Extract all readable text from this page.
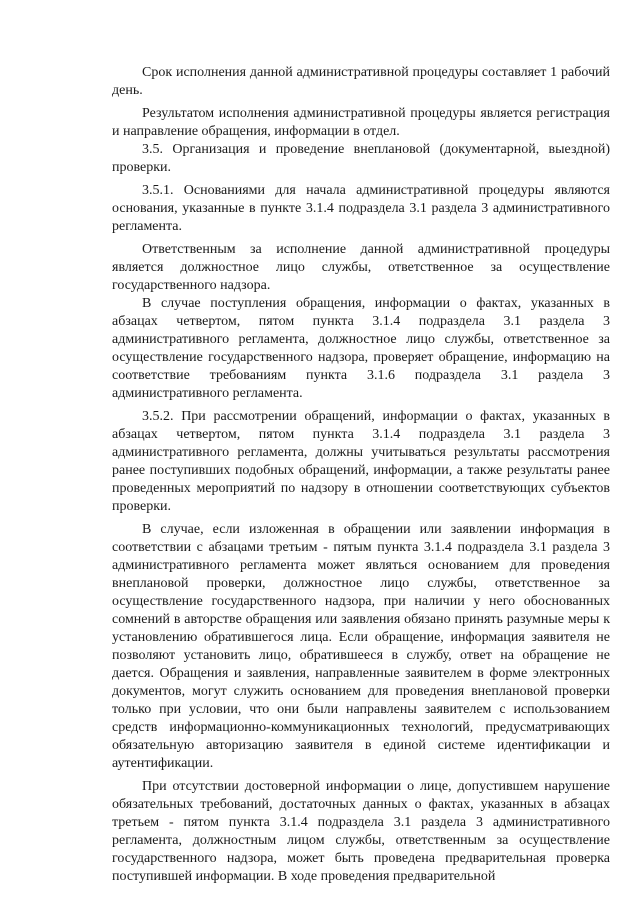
Срок исполнения данной административной процедуры составляет 1 рабочий день.

Результатом исполнения административной процедуры является регистрация и направление обращения, информации в отдел.

3.5. Организация и проведение внеплановой (документарной, выездной) проверки.

3.5.1. Основаниями для начала административной процедуры являются основания, указанные в пункте 3.1.4 подраздела 3.1 раздела 3 административного регламента.

Ответственным за исполнение данной административной процедуры является должностное лицо службы, ответственное за осуществление государственного надзора.

В случае поступления обращения, информации о фактах, указанных в абзацах четвертом, пятом пункта 3.1.4 подраздела 3.1 раздела 3 административного регламента, должностное лицо службы, ответственное за осуществление государственного надзора, проверяет обращение, информацию на соответствие требованиям пункта 3.1.6 подраздела 3.1 раздела 3 административного регламента.

3.5.2. При рассмотрении обращений, информации о фактах, указанных в абзацах четвертом, пятом пункта 3.1.4 подраздела 3.1 раздела 3 административного регламента, должны учитываться результаты рассмотрения ранее поступивших подобных обращений, информации, а также результаты ранее проведенных мероприятий по надзору в отношении соответствующих субъектов проверки.

В случае, если изложенная в обращении или заявлении информация в соответствии с абзацами третьим - пятым пункта 3.1.4 подраздела 3.1 раздела 3 административного регламента может являться основанием для проведения внеплановой проверки, должностное лицо службы, ответственное за осуществление государственного надзора, при наличии у него обоснованных сомнений в авторстве обращения или заявления обязано принять разумные меры к установлению обратившегося лица. Если обращение, информация заявителя не позволяют установить лицо, обратившееся в службу, ответ на обращение не дается. Обращения и заявления, направленные заявителем в форме электронных документов, могут служить основанием для проведения внеплановой проверки только при условии, что они были направлены заявителем с использованием средств информационно-коммуникационных технологий, предусматривающих обязательную авторизацию заявителя в единой системе идентификации и аутентификации.

При отсутствии достоверной информации о лице, допустившем нарушение обязательных требований, достаточных данных о фактах, указанных в абзацах третьем - пятом пункта 3.1.4 подраздела 3.1 раздела 3 административного регламента, должностным лицом службы, ответственным за осуществление государственного надзора, может быть проведена предварительная проверка поступившей информации. В ходе проведения предварительной
